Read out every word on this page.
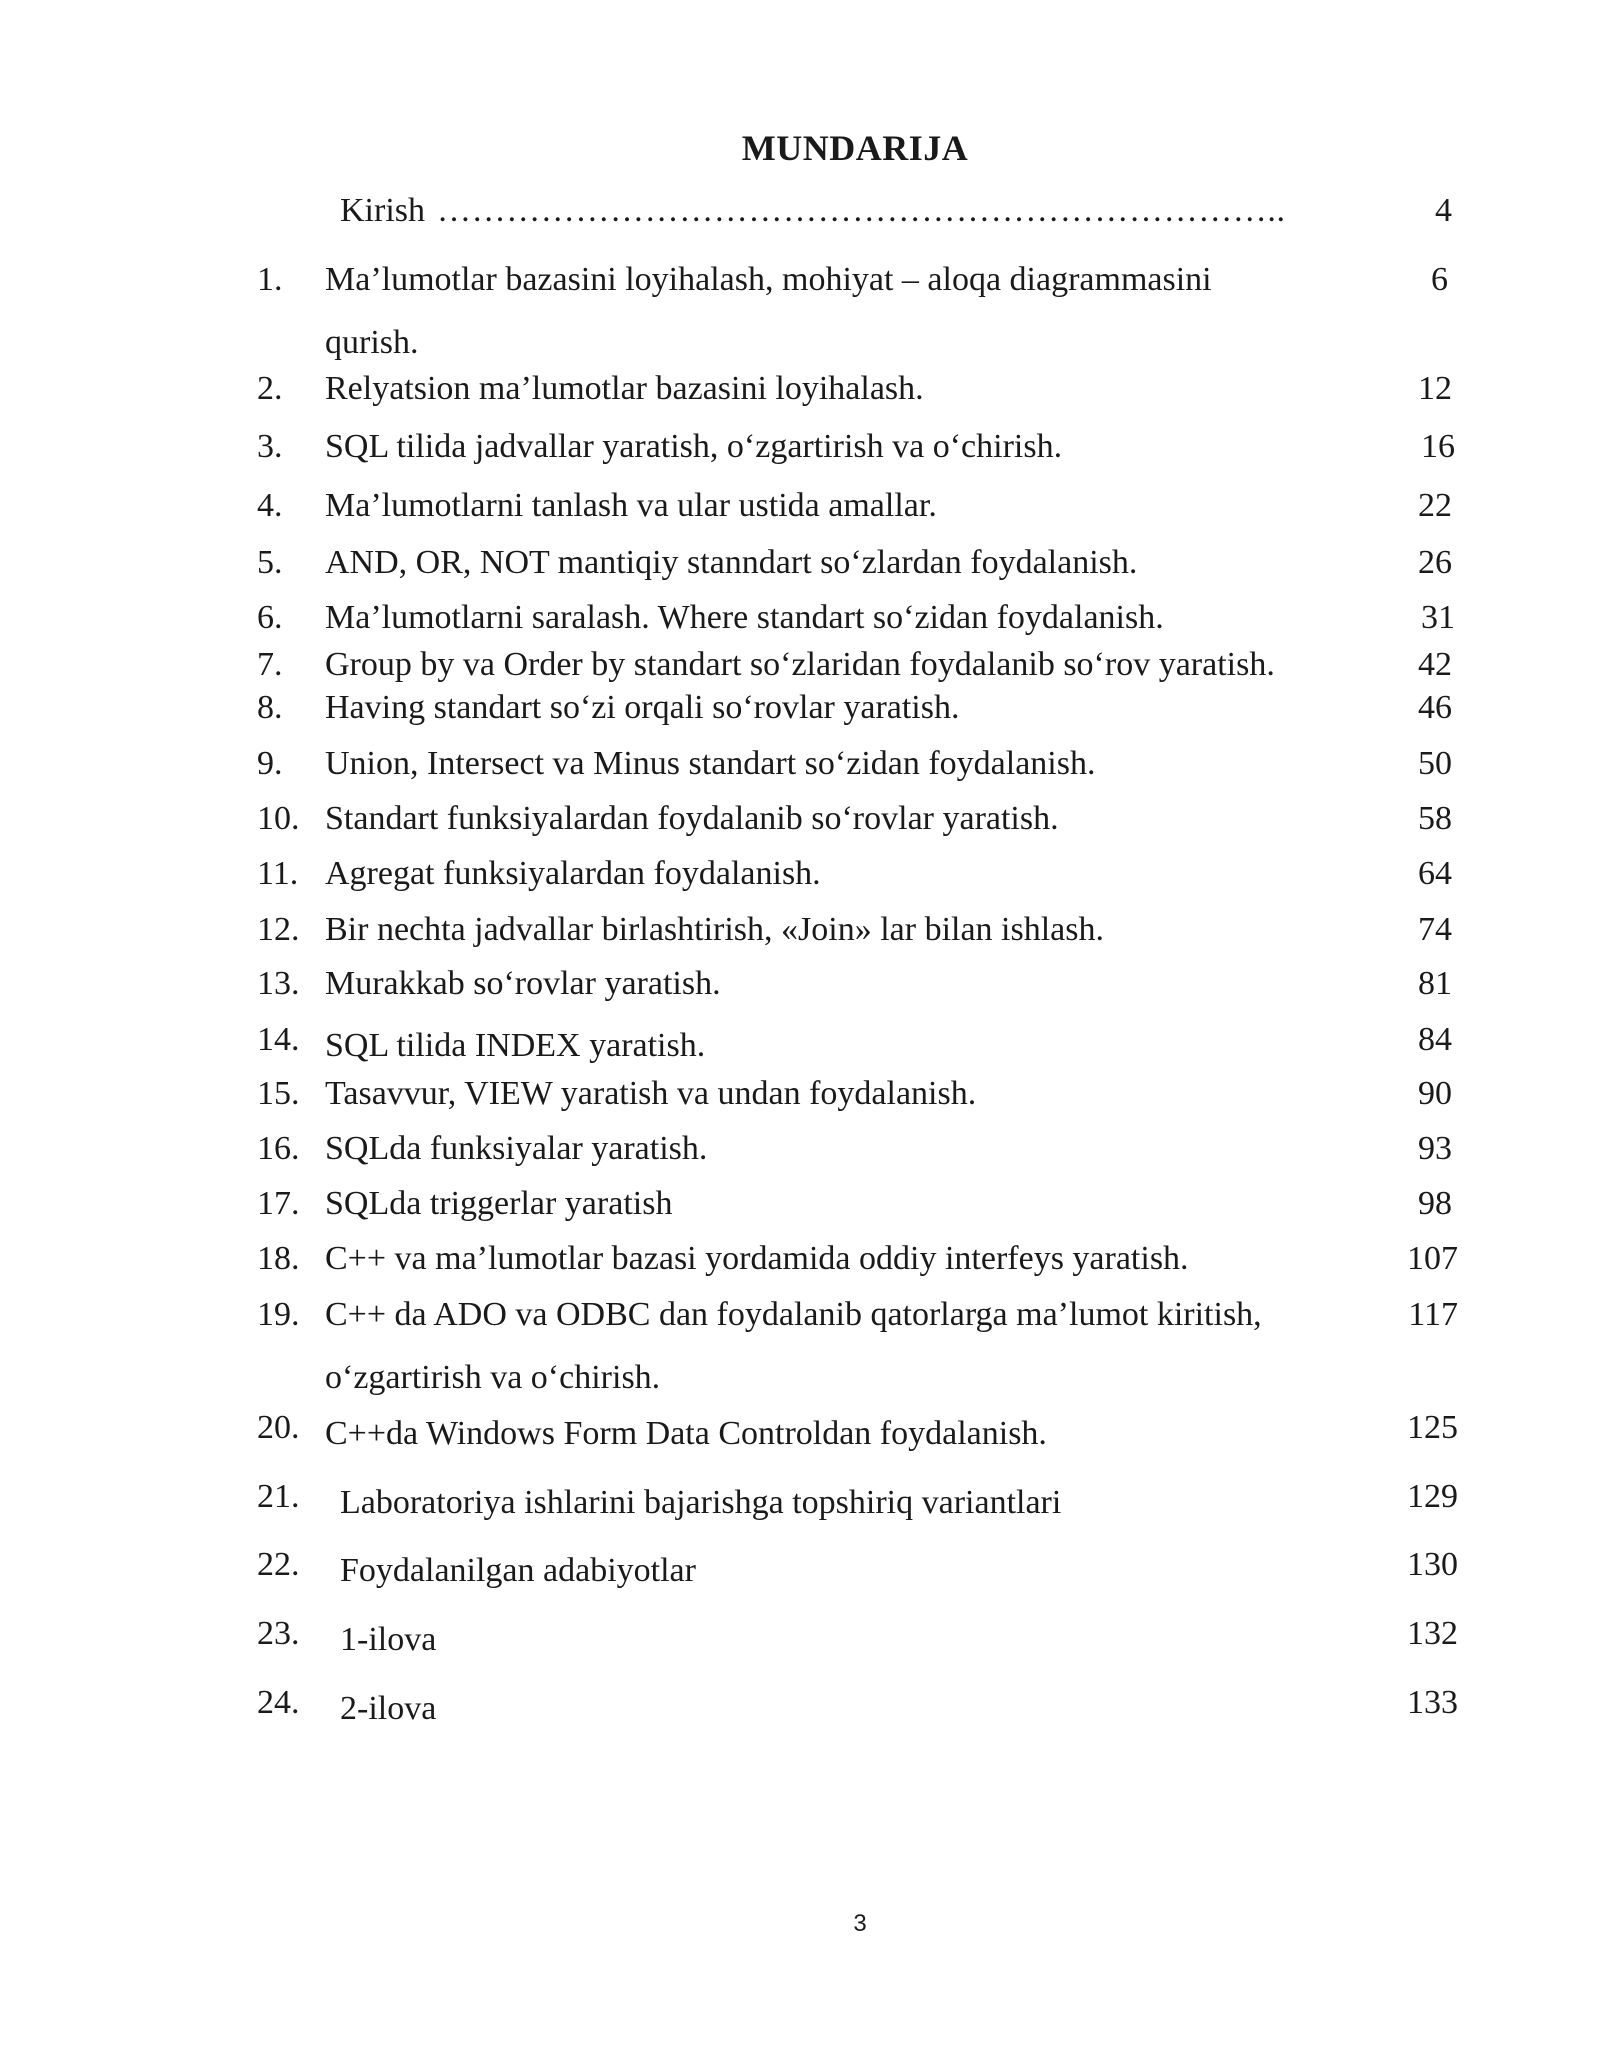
MUNDARIJA
Kirish ………………………………………………………………..	4
1. Ma’lumotlar bazasini loyihalash, mohiyat – aloqa diagrammasini	6
qurish.
2. Relyatsion ma’lumotlar bazasini loyihalash.	12
3. SQL tilida jadvallar yaratish, oʻzgartirish va oʻchirish.	16
4. Ma’lumotlarni tanlash va ular ustida amallar.	22
5. AND, OR, NOT mantiqiy stanndart soʻzlardan foydalanish.	26
6. Ma’lumotlarni saralash. Where standart soʻzidan foydalanish.	31
7. Group by va Order by standart soʻzlaridan foydalanib soʻrov yaratish.	42
8. Having standart soʻzi orqali soʻrovlar yaratish.	46
9. Union, Intersect va Minus standart soʻzidan foydalanish.	50
10. Standart funksiyalardan foydalanib soʻrovlar yaratish.	58
11. Agregat funksiyalardan foydalanish.	64
12. Bir nechta jadvallar birlashtirish, «Join» lar bilan ishlash.	74
13. Murakkab soʻrovlar yaratish.	81
14. SQL tilida INDEX yaratish.	84
15. Tasavvur, VIEW yaratish va undan foydalanish.	90
16. SQLda funksiyalar yaratish.	93
17. SQLda triggerlar yaratish	98
18. C++ va ma’lumotlar bazasi yordamida oddiy interfeys yaratish.	107
19. C++ da ADO va ODBC dan foydalanib qatorlarga ma’lumot kiritish,	117
oʻzgartirish va oʻchirish.
20. C++da Windows Form Data Controldan foydalanish.	125
21. Laboratoriya ishlarini bajarishga topshiriq variantlari	129
22. Foydalanilgan adabiyotlar	130
23. 1-ilova	132
24. 2-ilova	133
3
